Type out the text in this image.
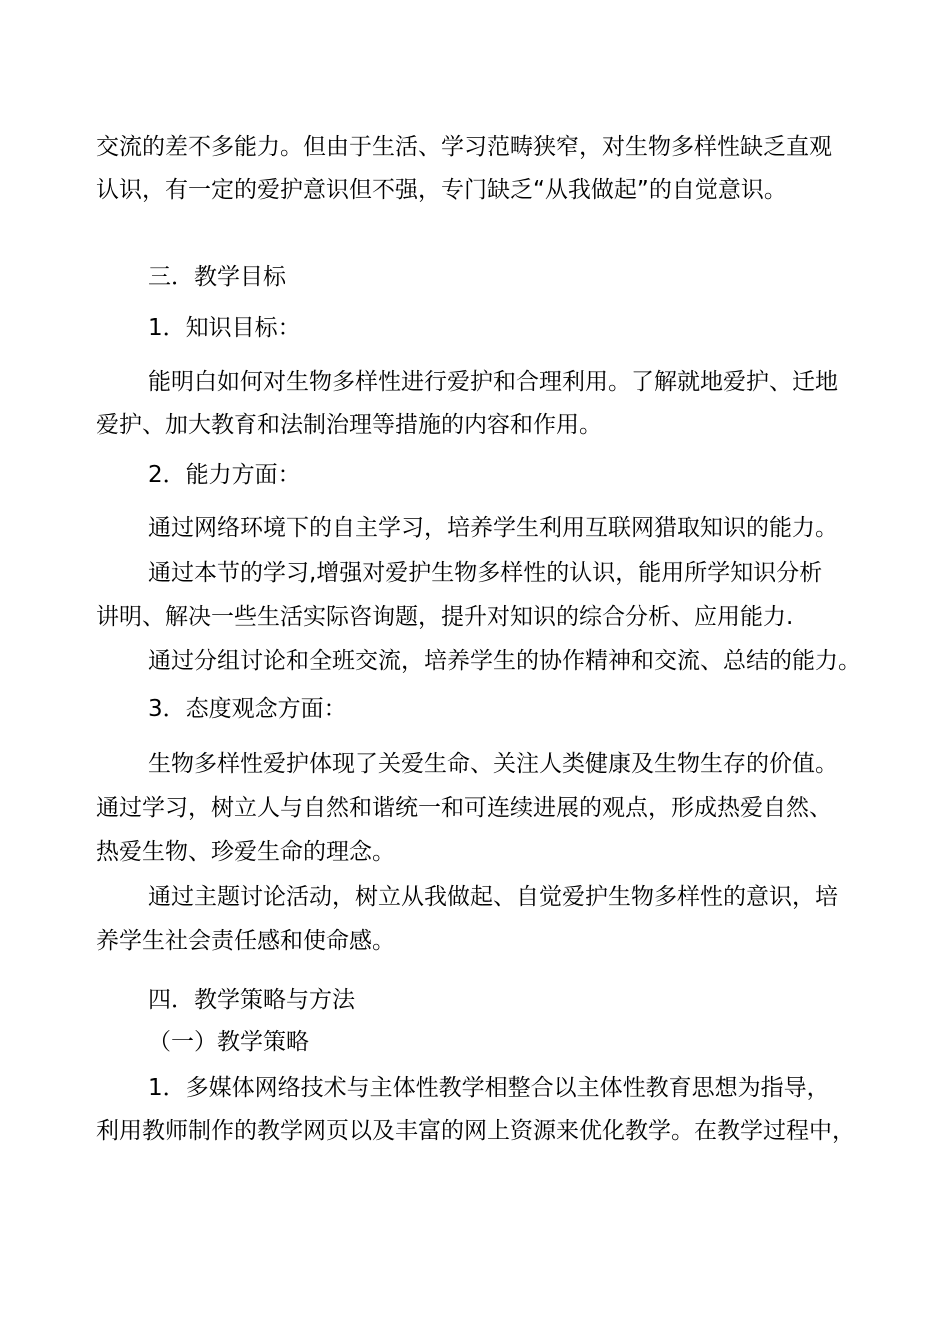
交流的差不多能力。但由于生活、学习范畴狭窄，对生物多样性缺乏直观

认识，有一定的爱护意识但不强，专门缺乏“从我做起”的自觉意识。

三．教学目标

1．知识目标：

能明白如何对生物多样性进行爱护和合理利用。了解就地爱护、迁地

爱护、加大教育和法制治理等措施的内容和作用。

2．能力方面：

通过网络环境下的自主学习，培养学生利用互联网猎取知识的能力。

通过本节的学习,增强对爱护生物多样性的认识，能用所学知识分析

讲明、解决一些生活实际咨询题，提升对知识的综合分析、应用能力.

通过分组讨论和全班交流，培养学生的协作精神和交流、总结的能力。

3．态度观念方面：

生物多样性爱护体现了关爱生命、关注人类健康及生物生存的价值。

通过学习，树立人与自然和谐统一和可连续进展的观点，形成热爱自然、

热爱生物、珍爱生命的理念。

通过主题讨论活动，树立从我做起、自觉爱护生物多样性的意识，培

养学生社会责任感和使命感。

四．教学策略与方法

（一）教学策略

1．多媒体网络技术与主体性教学相整合以主体性教育思想为指导，

利用教师制作的教学网页以及丰富的网上资源来优化教学。在教学过程中，
